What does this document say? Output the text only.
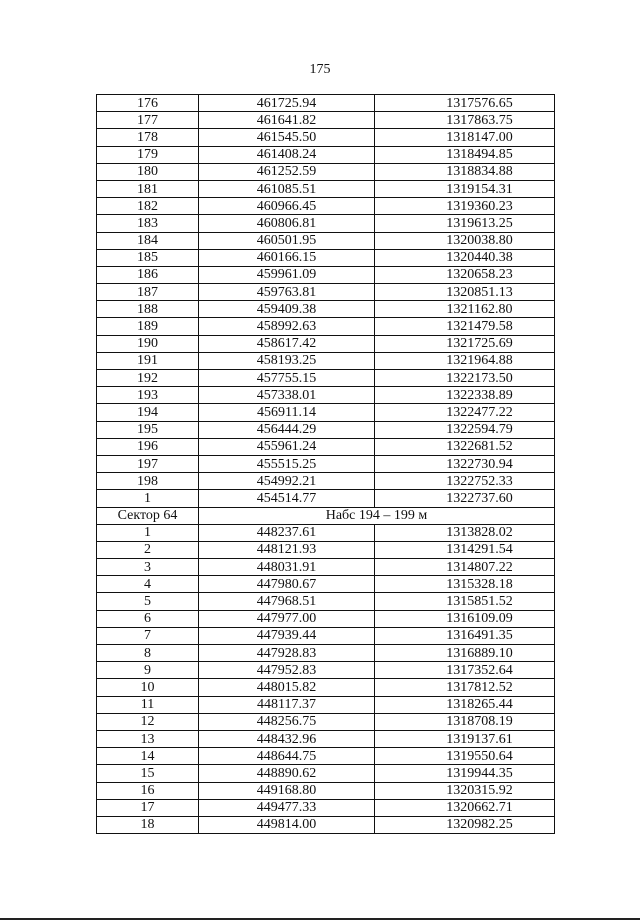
175
176	461725.94	1317576.65
177	461641.82	1317863.75
178	461545.50	1318147.00
179	461408.24	1318494.85
180	461252.59	1318834.88
181	461085.51	1319154.31
182	460966.45	1319360.23
183	460806.81	1319613.25
184	460501.95	1320038.80
185	460166.15	1320440.38
186	459961.09	1320658.23
187	459763.81	1320851.13
188	459409.38	1321162.80
189	458992.63	1321479.58
190	458617.42	1321725.69
191	458193.25	1321964.88
192	457755.15	1322173.50
193	457338.01	1322338.89
194	456911.14	1322477.22
195	456444.29	1322594.79
196	455961.24	1322681.52
197	455515.25	1322730.94
198	454992.21	1322752.33
1	454514.77	1322737.60
Сектор 64	Набс 194 – 199 м	
1	448237.61	1313828.02
2	448121.93	1314291.54
3	448031.91	1314807.22
4	447980.67	1315328.18
5	447968.51	1315851.52
6	447977.00	1316109.09
7	447939.44	1316491.35
8	447928.83	1316889.10
9	447952.83	1317352.64
10	448015.82	1317812.52
11	448117.37	1318265.44
12	448256.75	1318708.19
13	448432.96	1319137.61
14	448644.75	1319550.64
15	448890.62	1319944.35
16	449168.80	1320315.92
17	449477.33	1320662.71
18	449814.00	1320982.25
